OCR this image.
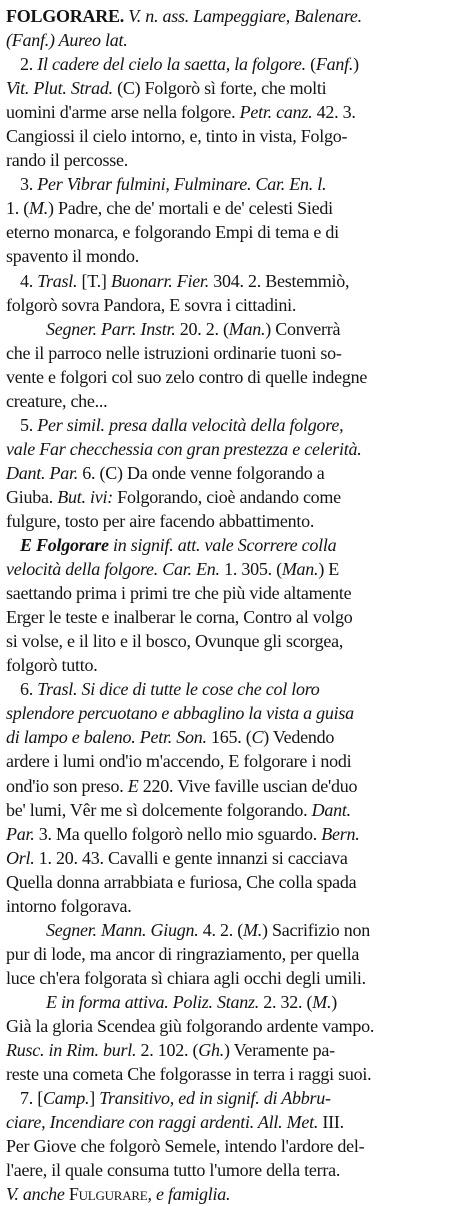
FOLGORARE. V. n. ass. Lampeggiare, Balenare.
(Fanf.) Aureo lat.
2. Il cadere del cielo la saetta, la folgore. (Fanf.)
Vit. Plut. Strad. (C) Folgorò sì forte, che molti
uomini d'arme arse nella folgore. Petr. canz. 42. 3.
Cangiossi il cielo intorno, e, tinto in vista, Folgo-
rando il percosse.
3. Per Vibrar fulmini, Fulminare. Car. En. l.
1. (M.) Padre, che de' mortali e de' celesti Siedi
eterno monarca, e folgorando Empi di tema e di
spavento il mondo.
4. Trasl. [T.] Buonarr. Fier. 304. 2. Bestemmiò,
folgorò sovra Pandora, E sovra i cittadini.
Segner. Parr. Instr. 20. 2. (Man.) Converrà
che il parroco nelle istruzioni ordinarie tuoni so-
vente e folgori col suo zelo contro di quelle indegne
creature, che...
5. Per simil. presa dalla velocità della folgore,
vale Far checchessia con gran prestezza e celerità.
Dant. Par. 6. (C) Da onde venne folgorando a
Giuba. But. ivi: Folgorando, cioè andando come
fulgure, tosto per aire facendo abbattimento.
E Folgorare in signif. att. vale Scorrere colla
velocità della folgore. Car. En. 1. 305. (Man.) E
saettando prima i primi tre che più vide altamente
Erger le teste e inalberar le corna, Contro al volgo
si volse, e il lito e il bosco, Ovunque gli scorgea,
folgorò tutto.
6. Trasl. Si dice di tutte le cose che col loro
splendore percuotano e abbaglino la vista a guisa
di lampo e baleno. Petr. Son. 165. (C) Vedendo
ardere i lumi ond'io m'accendo, E folgorare i nodi
ond'io son preso. E 220. Vive faville uscian de'duo
be' lumi, Vêr me sì dolcemente folgorando. Dant.
Par. 3. Ma quello folgorò nello mio sguardo. Bern.
Orl. 1. 20. 43. Cavalli e gente innanzi si cacciava
Quella donna arrabbiata e furiosa, Che colla spada
intorno folgorava.
Segner. Mann. Giugn. 4. 2. (M.) Sacrifizio non
pur di lode, ma ancor di ringraziamento, per quella
luce ch'era folgorata sì chiara agli occhi degli umili.
E in forma attiva. Poliz. Stanz. 2. 32. (M.)
Già la gloria Scendea giù folgorando ardente vampo.
Rusc. in Rim. burl. 2. 102. (Gh.) Veramente pa-
reste una cometa Che folgorasse in terra i raggi suoi.
7. [Camp.] Transitivo, ed in signif. di Abbru-
ciare, Incendiare con raggi ardenti. All. Met. III.
Per Giove che folgorò Semele, intendo l'ardore del-
l'aere, il quale consuma tutto l'umore della terra.
V. anche Fulgurare, e famiglia.
